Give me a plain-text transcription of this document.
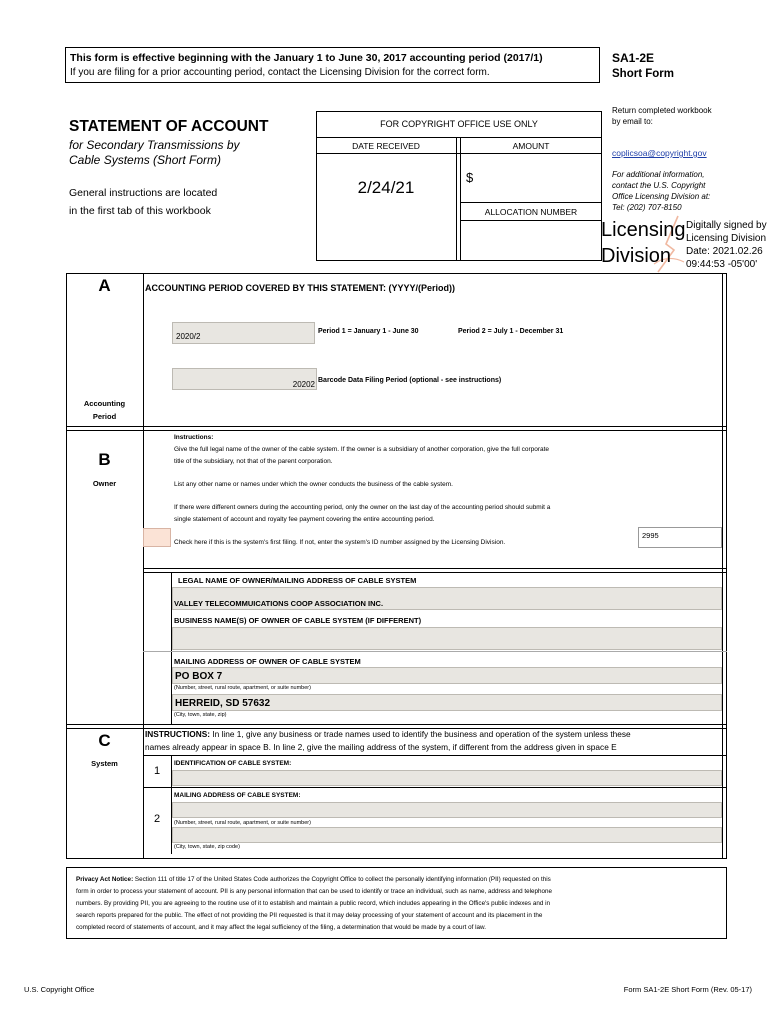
This form is effective beginning with the January 1 to June 30, 2017 accounting period (2017/1)
If you are filing for a prior accounting period, contact the Licensing Division for the correct form.
SA1-2E
Short Form
Return completed workbook
by email to:
coplicsoa@copyright.gov
For additional information,
contact the U.S. Copyright
Office Licensing Division at:
Tel: (202) 707-8150
STATEMENT OF ACCOUNT
for Secondary Transmissions by
Cable Systems (Short Form)
General instructions are located
in the first tab of this workbook
FOR COPYRIGHT OFFICE USE ONLY
DATE RECEIVED	AMOUNT
2/24/21
$
ALLOCATION NUMBER
Licensing
Division
Digitally signed by
Licensing Division
Date: 2021.02.26
09:44:53 -05'00'
A
Accounting
Period
ACCOUNTING PERIOD COVERED BY THIS STATEMENT: (YYYY/(Period))
2020/2
Period 1 = January 1 - June 30	Period 2 = July 1 - December 31
20202 Barcode Data Filing Period (optional - see instructions)
B
Owner
Instructions:
Give the full legal name of the owner of the cable system. If the owner is a subsidiary of another corporation, give the full corporate
title of the subsidiary, not that of the parent corporation.
List any other name or names under which the owner conducts the business of the cable system.
If there were different owners during the accounting period, only the owner on the last day of the accounting period should submit a
single statement of account and royalty fee payment covering the entire accounting period.
Check here if this is the system's first filing. If not, enter the system's ID number assigned by the Licensing Division.
2995
LEGAL NAME OF OWNER/MAILING ADDRESS OF CABLE SYSTEM
VALLEY TELECOMMUICATIONS COOP ASSOCIATION INC.
BUSINESS NAME(S) OF OWNER OF CABLE SYSTEM (IF DIFFERENT)
MAILING ADDRESS OF OWNER OF CABLE SYSTEM
PO BOX 7
(Number, street, rural route, apartment, or suite number)
HERREID, SD 57632
(City, town, state, zip)
C
System
INSTRUCTIONS: In line 1, give any business or trade names used to identify the business and operation of the system unless these
names already appear in space B. In line 2, give the mailing address of the system, if different from the address given in space E
1
IDENTIFICATION OF CABLE SYSTEM:
MAILING ADDRESS OF CABLE SYSTEM:
2	(Number, street, rural route, apartment, or suite number)
(City, town, state, zip code)
Privacy Act Notice: Section 111 of title 17 of the United States Code authorizes the Copyright Office to collect the personally identifying information (PII) requested on this
form in order to process your statement of account. PII is any personal information that can be used to identify or trace an individual, such as name, address and telephone
numbers. By providing PII, you are agreeing to the routine use of it to establish and maintain a public record, which includes appearing in the Office's public indexes and in
search reports prepared for the public. The effect of not providing the PII requested is that it may delay processing of your statement of account and its placement in the
completed record of statements of account, and it may affect the legal sufficiency of the filing, a determination that would be made by a court of law.
U.S. Copyright Office	Form SA1-2E Short Form (Rev. 05-17)
